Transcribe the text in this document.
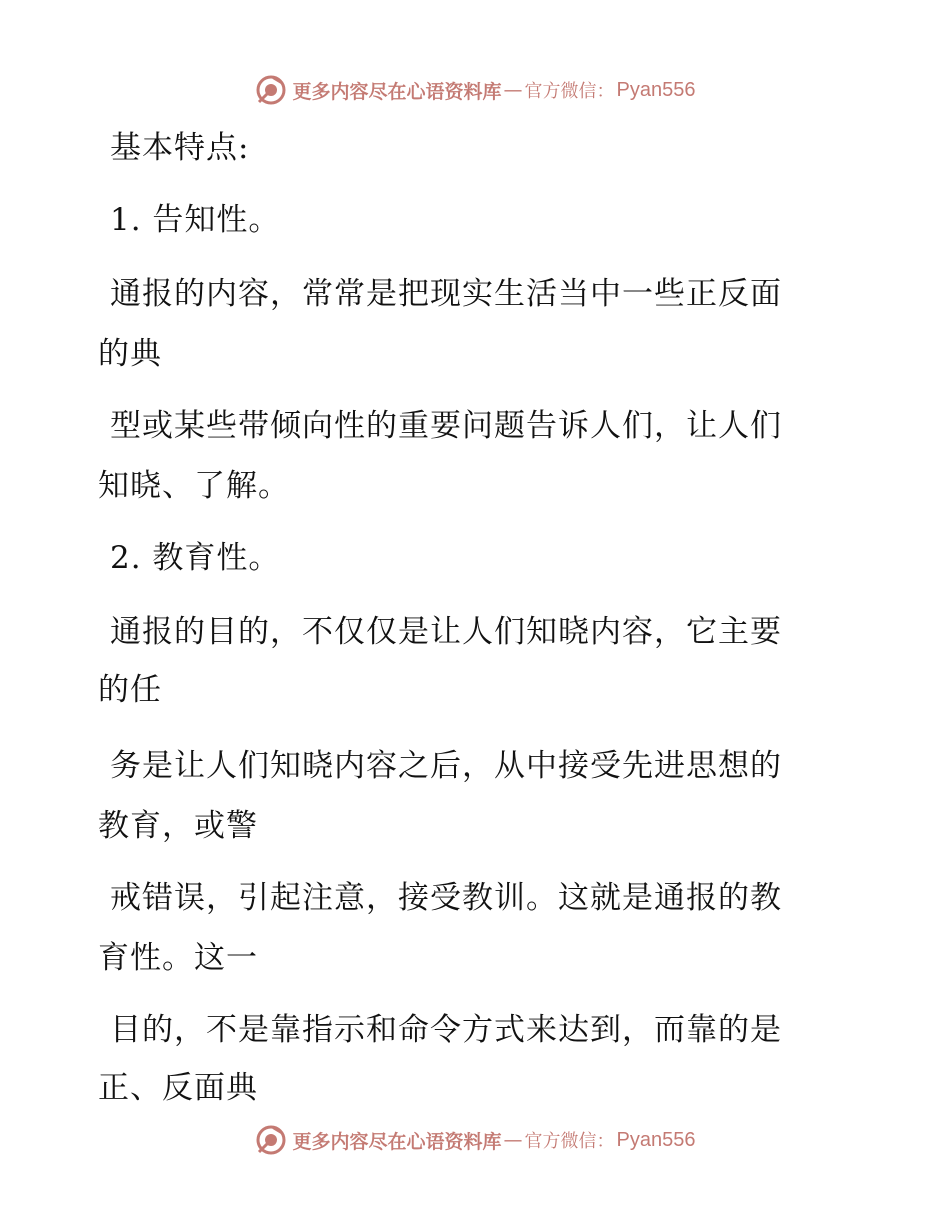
更多内容尽在心语资料库 — 官方微信： Pyan556
基本特点:
1. 告知性。
通报的内容，常常是把现实生活当中一些正反面
的典
型或某些带倾向性的重要问题告诉人们，让人们
知晓、了解。
2. 教育性。
通报的目的，不仅仅是让人们知晓内容，它主要
的任
务是让人们知晓内容之后，从中接受先进思想的
教育，或警
戒错误，引起注意，接受教训。这就是通报的教
育性。这一
目的，不是靠指示和命令方式来达到，而靠的是
正、反面典
更多内容尽在心语资料库 — 官方微信： Pyan556
